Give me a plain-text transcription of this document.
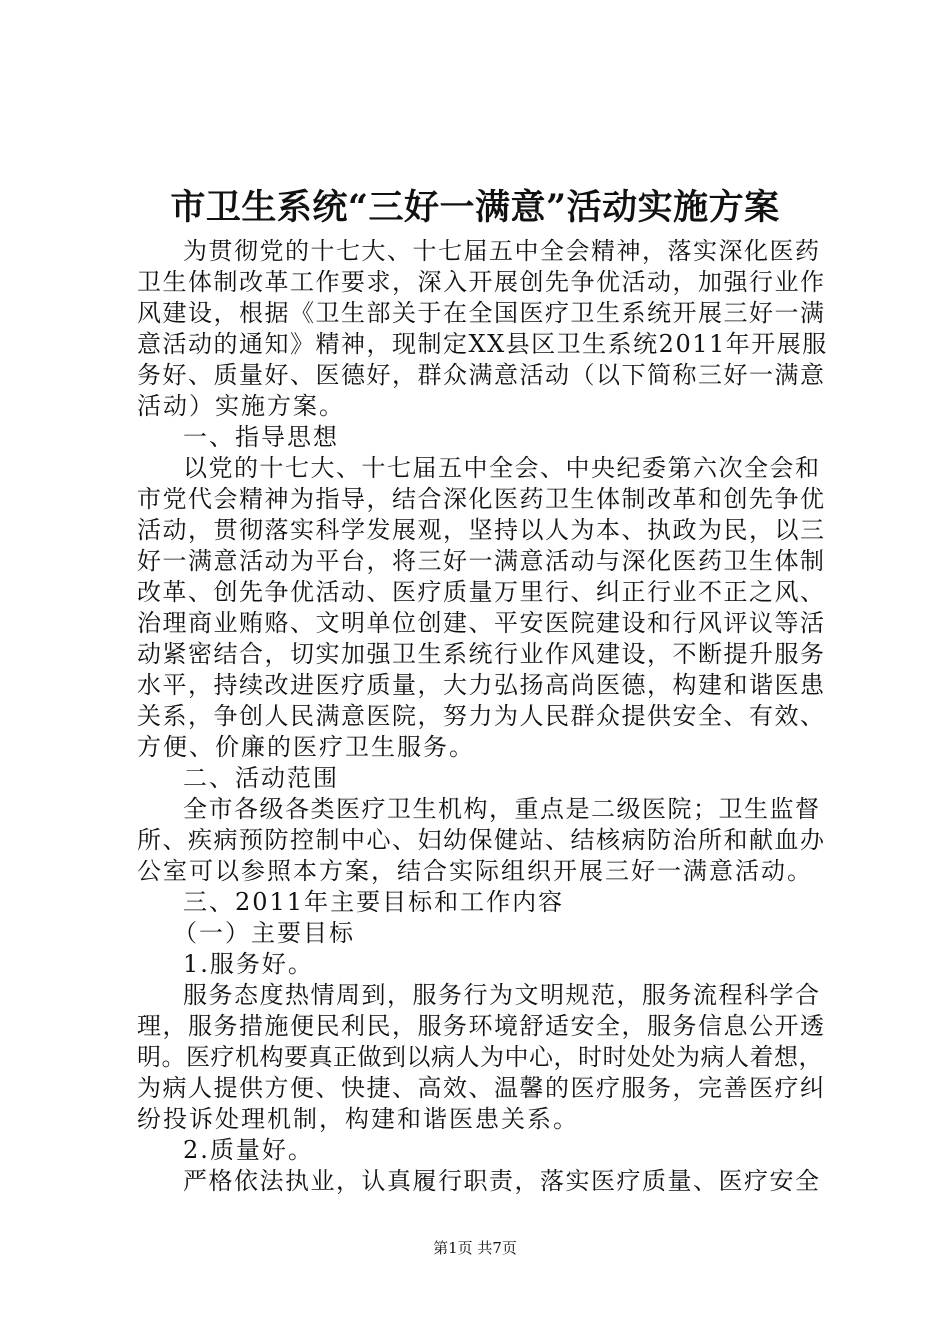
市卫生系统“三好一满意”活动实施方案
为贯彻党的十七大、十七届五中全会精神，落实深化医药
卫生体制改革工作要求，深入开展创先争优活动，加强行业作
风建设，根据《卫生部关于在全国医疗卫生系统开展三好一满
意活动的通知》精神，现制定XX县区卫生系统2011年开展服
务好、质量好、医德好，群众满意活动（以下简称三好一满意
活动）实施方案。
一、指导思想
以党的十七大、十七届五中全会、中央纪委第六次全会和
市党代会精神为指导，结合深化医药卫生体制改革和创先争优
活动，贯彻落实科学发展观，坚持以人为本、执政为民，以三
好一满意活动为平台，将三好一满意活动与深化医药卫生体制
改革、创先争优活动、医疗质量万里行、纠正行业不正之风、
治理商业贿赂、文明单位创建、平安医院建设和行风评议等活
动紧密结合，切实加强卫生系统行业作风建设，不断提升服务
水平，持续改进医疗质量，大力弘扬高尚医德，构建和谐医患
关系，争创人民满意医院，努力为人民群众提供安全、有效、
方便、价廉的医疗卫生服务。
二、活动范围
全市各级各类医疗卫生机构，重点是二级医院；卫生监督
所、疾病预防控制中心、妇幼保健站、结核病防治所和献血办
公室可以参照本方案，结合实际组织开展三好一满意活动。
三、2011年主要目标和工作内容
（一）主要目标
1.服务好。
服务态度热情周到，服务行为文明规范，服务流程科学合
理，服务措施便民利民，服务环境舒适安全，服务信息公开透
明。医疗机构要真正做到以病人为中心，时时处处为病人着想，
为病人提供方便、快捷、高效、温馨的医疗服务，完善医疗纠
纷投诉处理机制，构建和谐医患关系。
2.质量好。
严格依法执业，认真履行职责，落实医疗质量、医疗安全
第1页 共7页
